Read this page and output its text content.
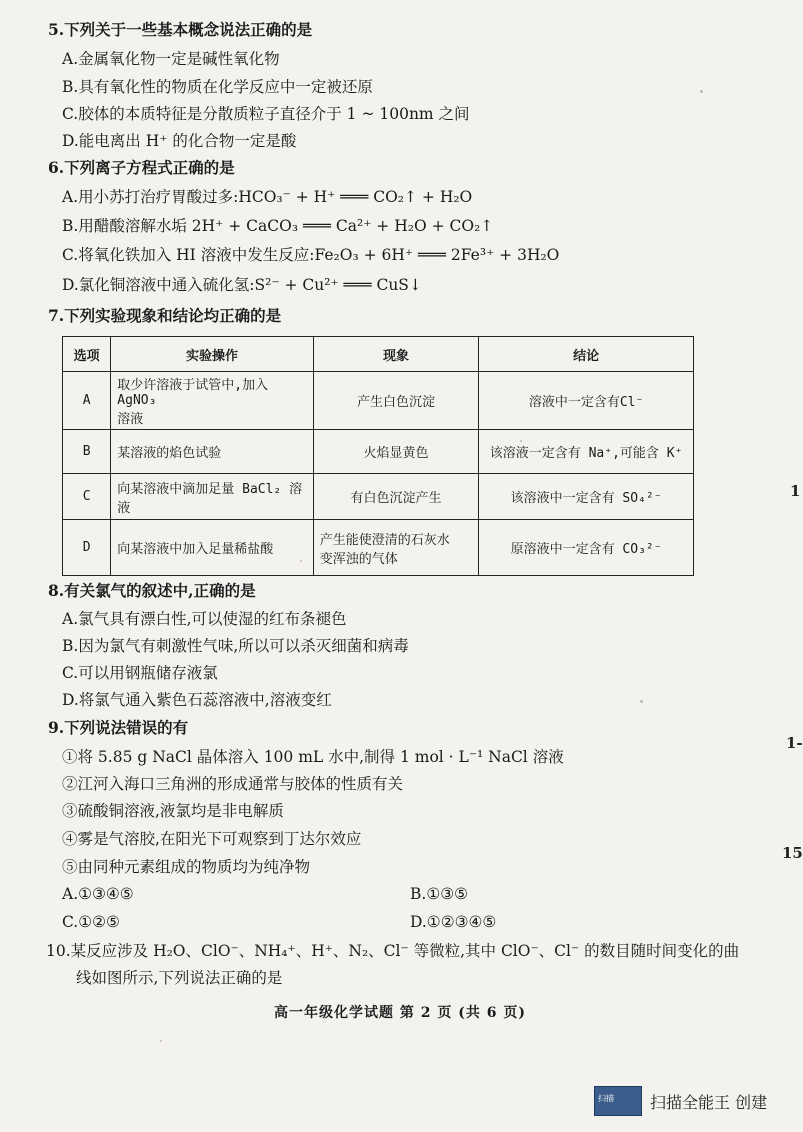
5.下列关于一些基本概念说法正确的是
A.金属氧化物一定是碱性氧化物
B.具有氧化性的物质在化学反应中一定被还原
C.胶体的本质特征是分散质粒子直径介于 1 ~ 100nm 之间
D.能电离出 H⁺ 的化合物一定是酸
6.下列离子方程式正确的是
A.用小苏打治疗胃酸过多:HCO₃⁻ + H⁺ ═══ CO₂↑ + H₂O
B.用醋酸溶解水垢 2H⁺ + CaCO₃ ═══ Ca²⁺ + H₂O + CO₂↑
C.将氧化铁加入 HI 溶液中发生反应:Fe₂O₃ + 6H⁺ ═══ 2Fe³⁺ + 3H₂O
D.氯化铜溶液中通入硫化氢:S²⁻ + Cu²⁺ ═══ CuS↓
7.下列实验现象和结论均正确的是
选项	实验操作	现象	结论
A	取少许溶液于试管中,加入 AgNO₃
溶液	产生白色沉淀	溶液中一定含有Cl⁻
B	某溶液的焰色试验	火焰显黄色	该溶液一定含有 Na⁺,可能含 K⁺
C	向某溶液中滴加足量 BaCl₂ 溶液	有白色沉淀产生	该溶液中一定含有 SO₄²⁻
D	向某溶液中加入足量稀盐酸	产生能使澄清的石灰水
变浑浊的气体	原溶液中一定含有 CO₃²⁻
8.有关氯气的叙述中,正确的是
A.氯气具有漂白性,可以使湿的红布条褪色
B.因为氯气有刺激性气味,所以可以杀灭细菌和病毒
C.可以用钢瓶储存液氯
D.将氯气通入紫色石蕊溶液中,溶液变红
9.下列说法错误的有
①将 5.85 g NaCl 晶体溶入 100 mL 水中,制得 1 mol · L⁻¹ NaCl 溶液
②江河入海口三角洲的形成通常与胶体的性质有关
③硫酸铜溶液,液氯均是非电解质
④雾是气溶胶,在阳光下可观察到丁达尔效应
⑤由同种元素组成的物质均为纯净物
A.①③④⑤	B.①③⑤
C.①②⑤	D.①②③④⑤
10.某反应涉及 H₂O、ClO⁻、NH₄⁺、H⁺、N₂、Cl⁻ 等微粒,其中 ClO⁻、Cl⁻ 的数目随时间变化的曲
线如图所示,下列说法正确的是
1
1-
15
高一年级化学试题 第 2 页 (共 6 页)
扫描 扫描全能王 创建
